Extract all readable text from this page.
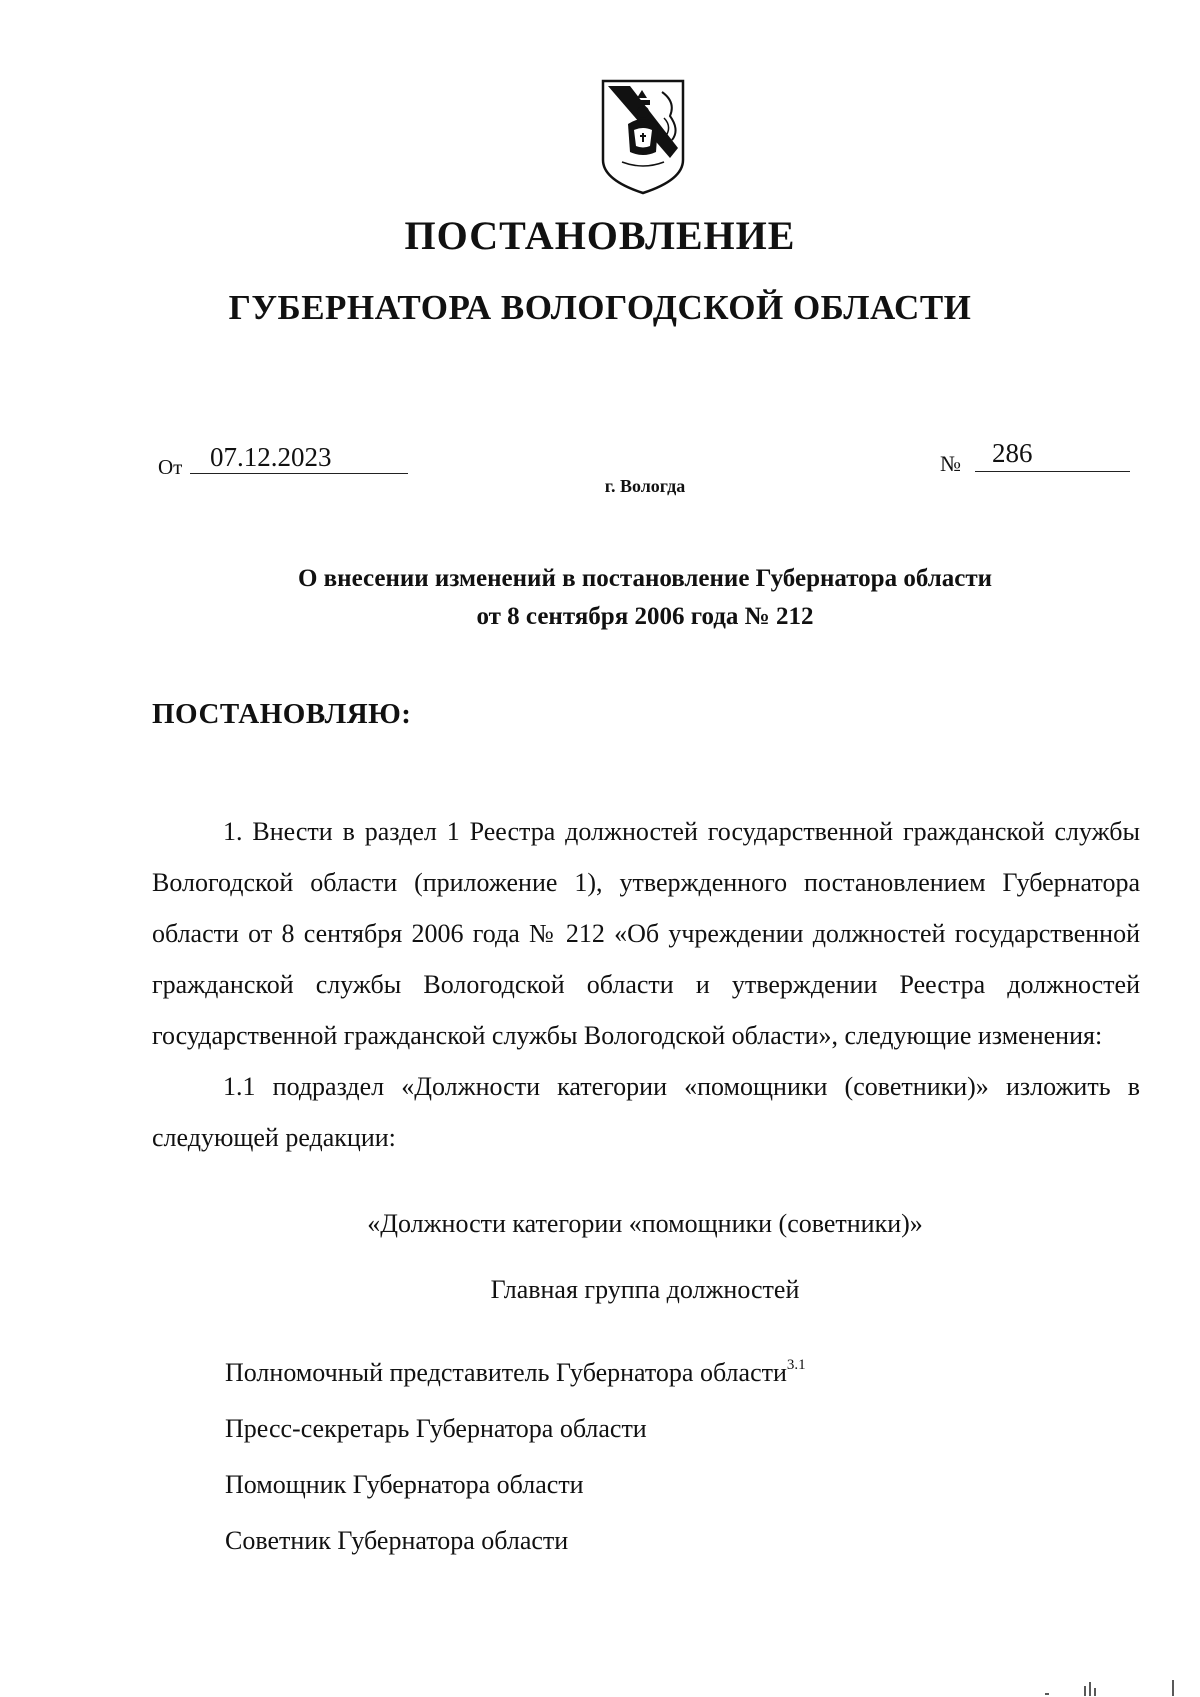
ПОСТАНОВЛЕНИЕ
ГУБЕРНАТОРА ВОЛОГОДСКОЙ ОБЛАСТИ
От 07.12.2023	№ 286
г. Вологда
О внесении изменений в постановление Губернатора области
от 8 сентября 2006 года № 212
ПОСТАНОВЛЯЮ:

1. Внести в раздел 1 Реестра должностей государственной гражданской службы Вологодской области (приложение 1), утвержденного постановлением Губернатора области от 8 сентября 2006 года № 212 «Об учреждении должностей государственной гражданской службы Вологодской области и утверждении Реестра должностей государственной гражданской службы Вологодской области», следующие изменения:

1.1 подраздел «Должности категории «помощники (советники)» изложить в следующей редакции:

«Должности категории «помощники (советники)»
Главная группа должностей
Полномочный представитель Губернатора области$^{3.1}$
Пресс-секретарь Губернатора области
Помощник Губернатора области
Советник Губернатора области
